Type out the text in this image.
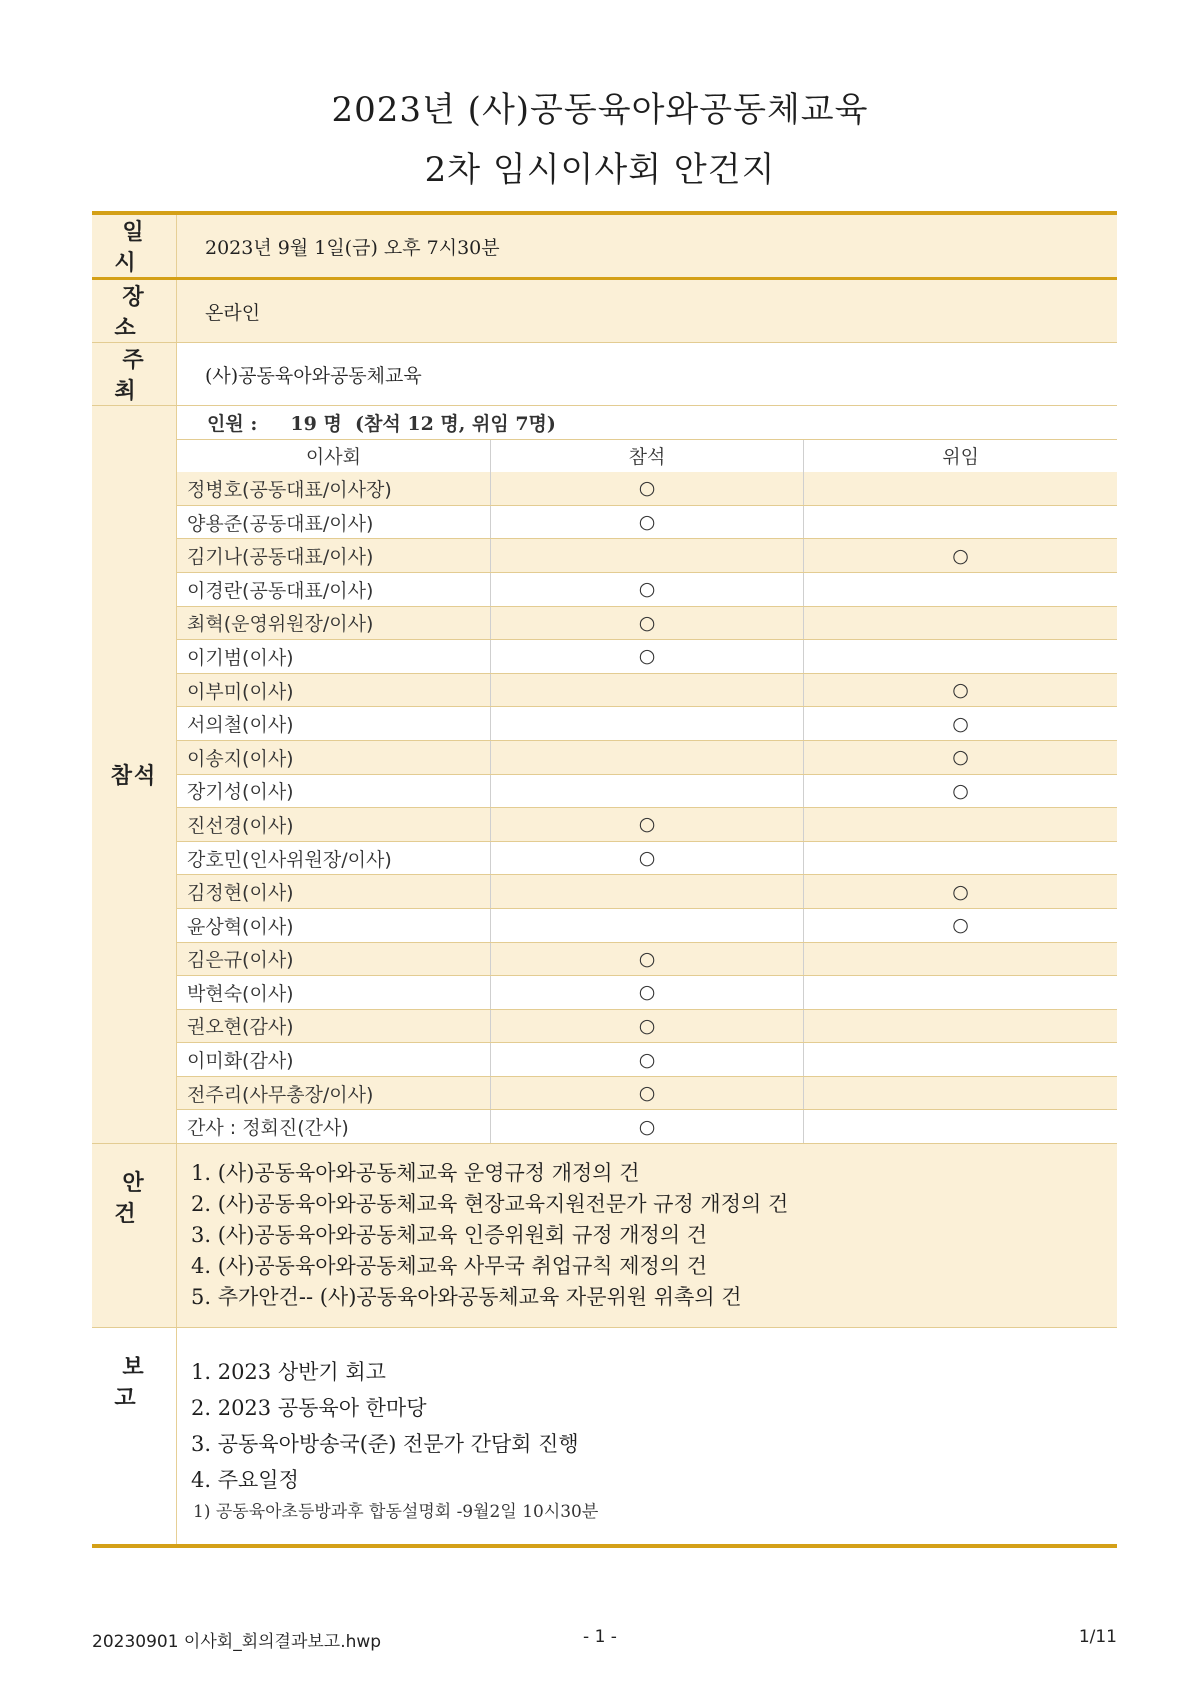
2023년 (사)공동육아와공동체교육
2차 임시이사회 안건지
일 시	2023년 9월 1일(금) 오후 7시30분
장 소	온라인
주 최	(사)공동육아와공동체교육
참석	
인원 :     19 명  (참석 12 명, 위임 7명)
이사회	참석	위임
정병호(공동대표/이사장)	○	
양용준(공동대표/이사)	○	
김기나(공동대표/이사)		○
이경란(공동대표/이사)	○	
최혁(운영위원장/이사)	○	
이기범(이사)	○	
이부미(이사)		○
서의철(이사)		○
이송지(이사)		○
장기성(이사)		○
진선경(이사)	○	
강호민(인사위원장/이사)	○	
김정현(이사)		○
윤상혁(이사)		○
김은규(이사)	○	
박현숙(이사)	○	
권오현(감사)	○	
이미화(감사)	○	
전주리(사무총장/이사)	○	
간사 : 정회진(간사)	○	

안 건	
1. (사)공동육아와공동체교육 운영규정 개정의 건
2. (사)공동육아와공동체교육 현장교육지원전문가 규정 개정의 건
3. (사)공동육아와공동체교육 인증위원회 규정 개정의 건
4. (사)공동육아와공동체교육 사무국 취업규칙 제정의 건
5. 추가안건-- (사)공동육아와공동체교육 자문위원 위촉의 건

보 고	
1. 2023 상반기 회고
2. 2023 공동육아 한마당
3. 공동육아방송국(준) 전문가 간담회 진행
4. 주요일정
1) 공동육아초등방과후 합동설명회 -9월2일 10시30분
20230901 이사회_회의결과보고.hwp	- 1 -	1/11
